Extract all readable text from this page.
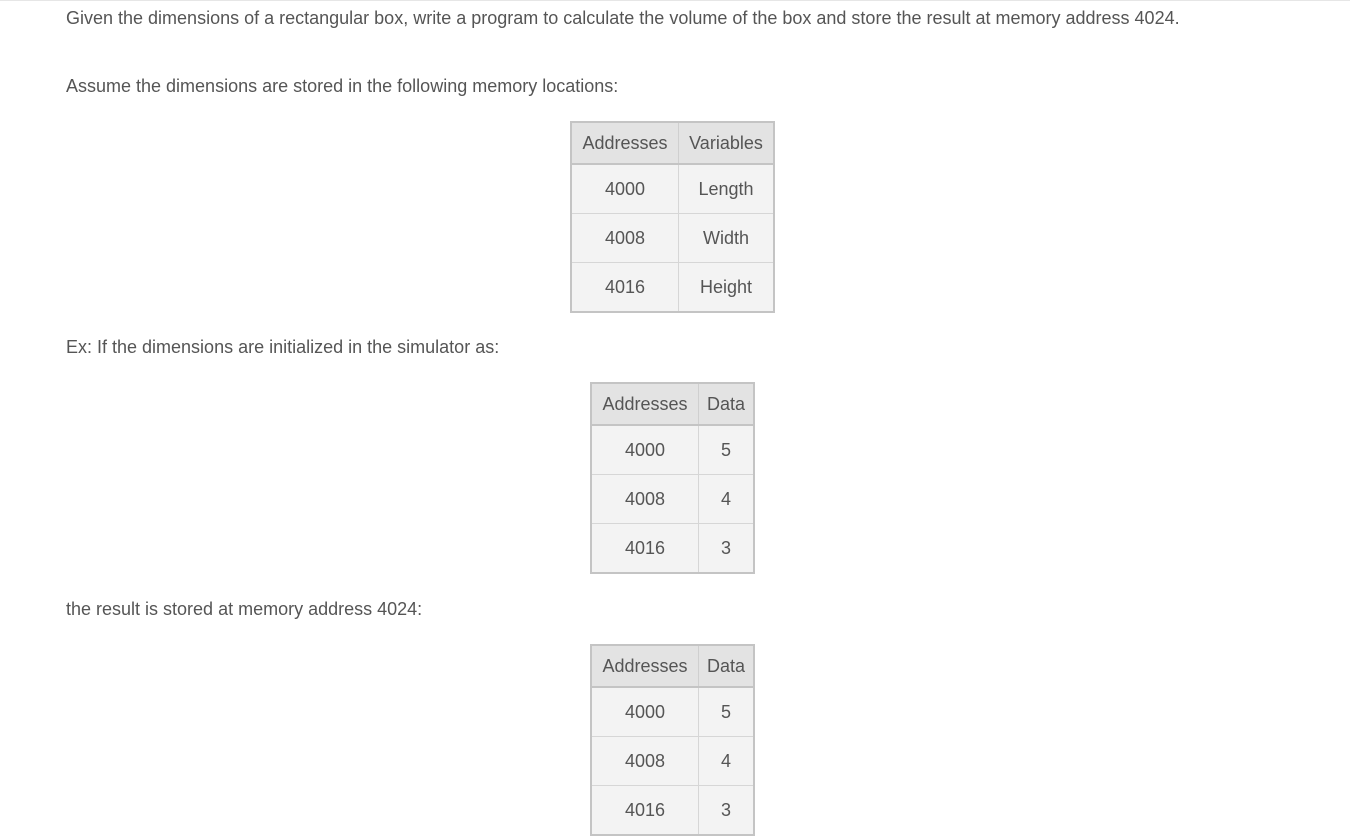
Given the dimensions of a rectangular box, write a program to calculate the volume of the box and store the result at memory address 4024.

Assume the dimensions are stored in the following memory locations:

Ex: If the dimensions are initialized in the simulator as:

the result is stored at memory address 4024:

Addresses	Variables
4000	Length
4008	Width
4016	Height
Addresses	Data
4000	5
4008	4
4016	3
Addresses	Data
4000	5
4008	4
4016	3
